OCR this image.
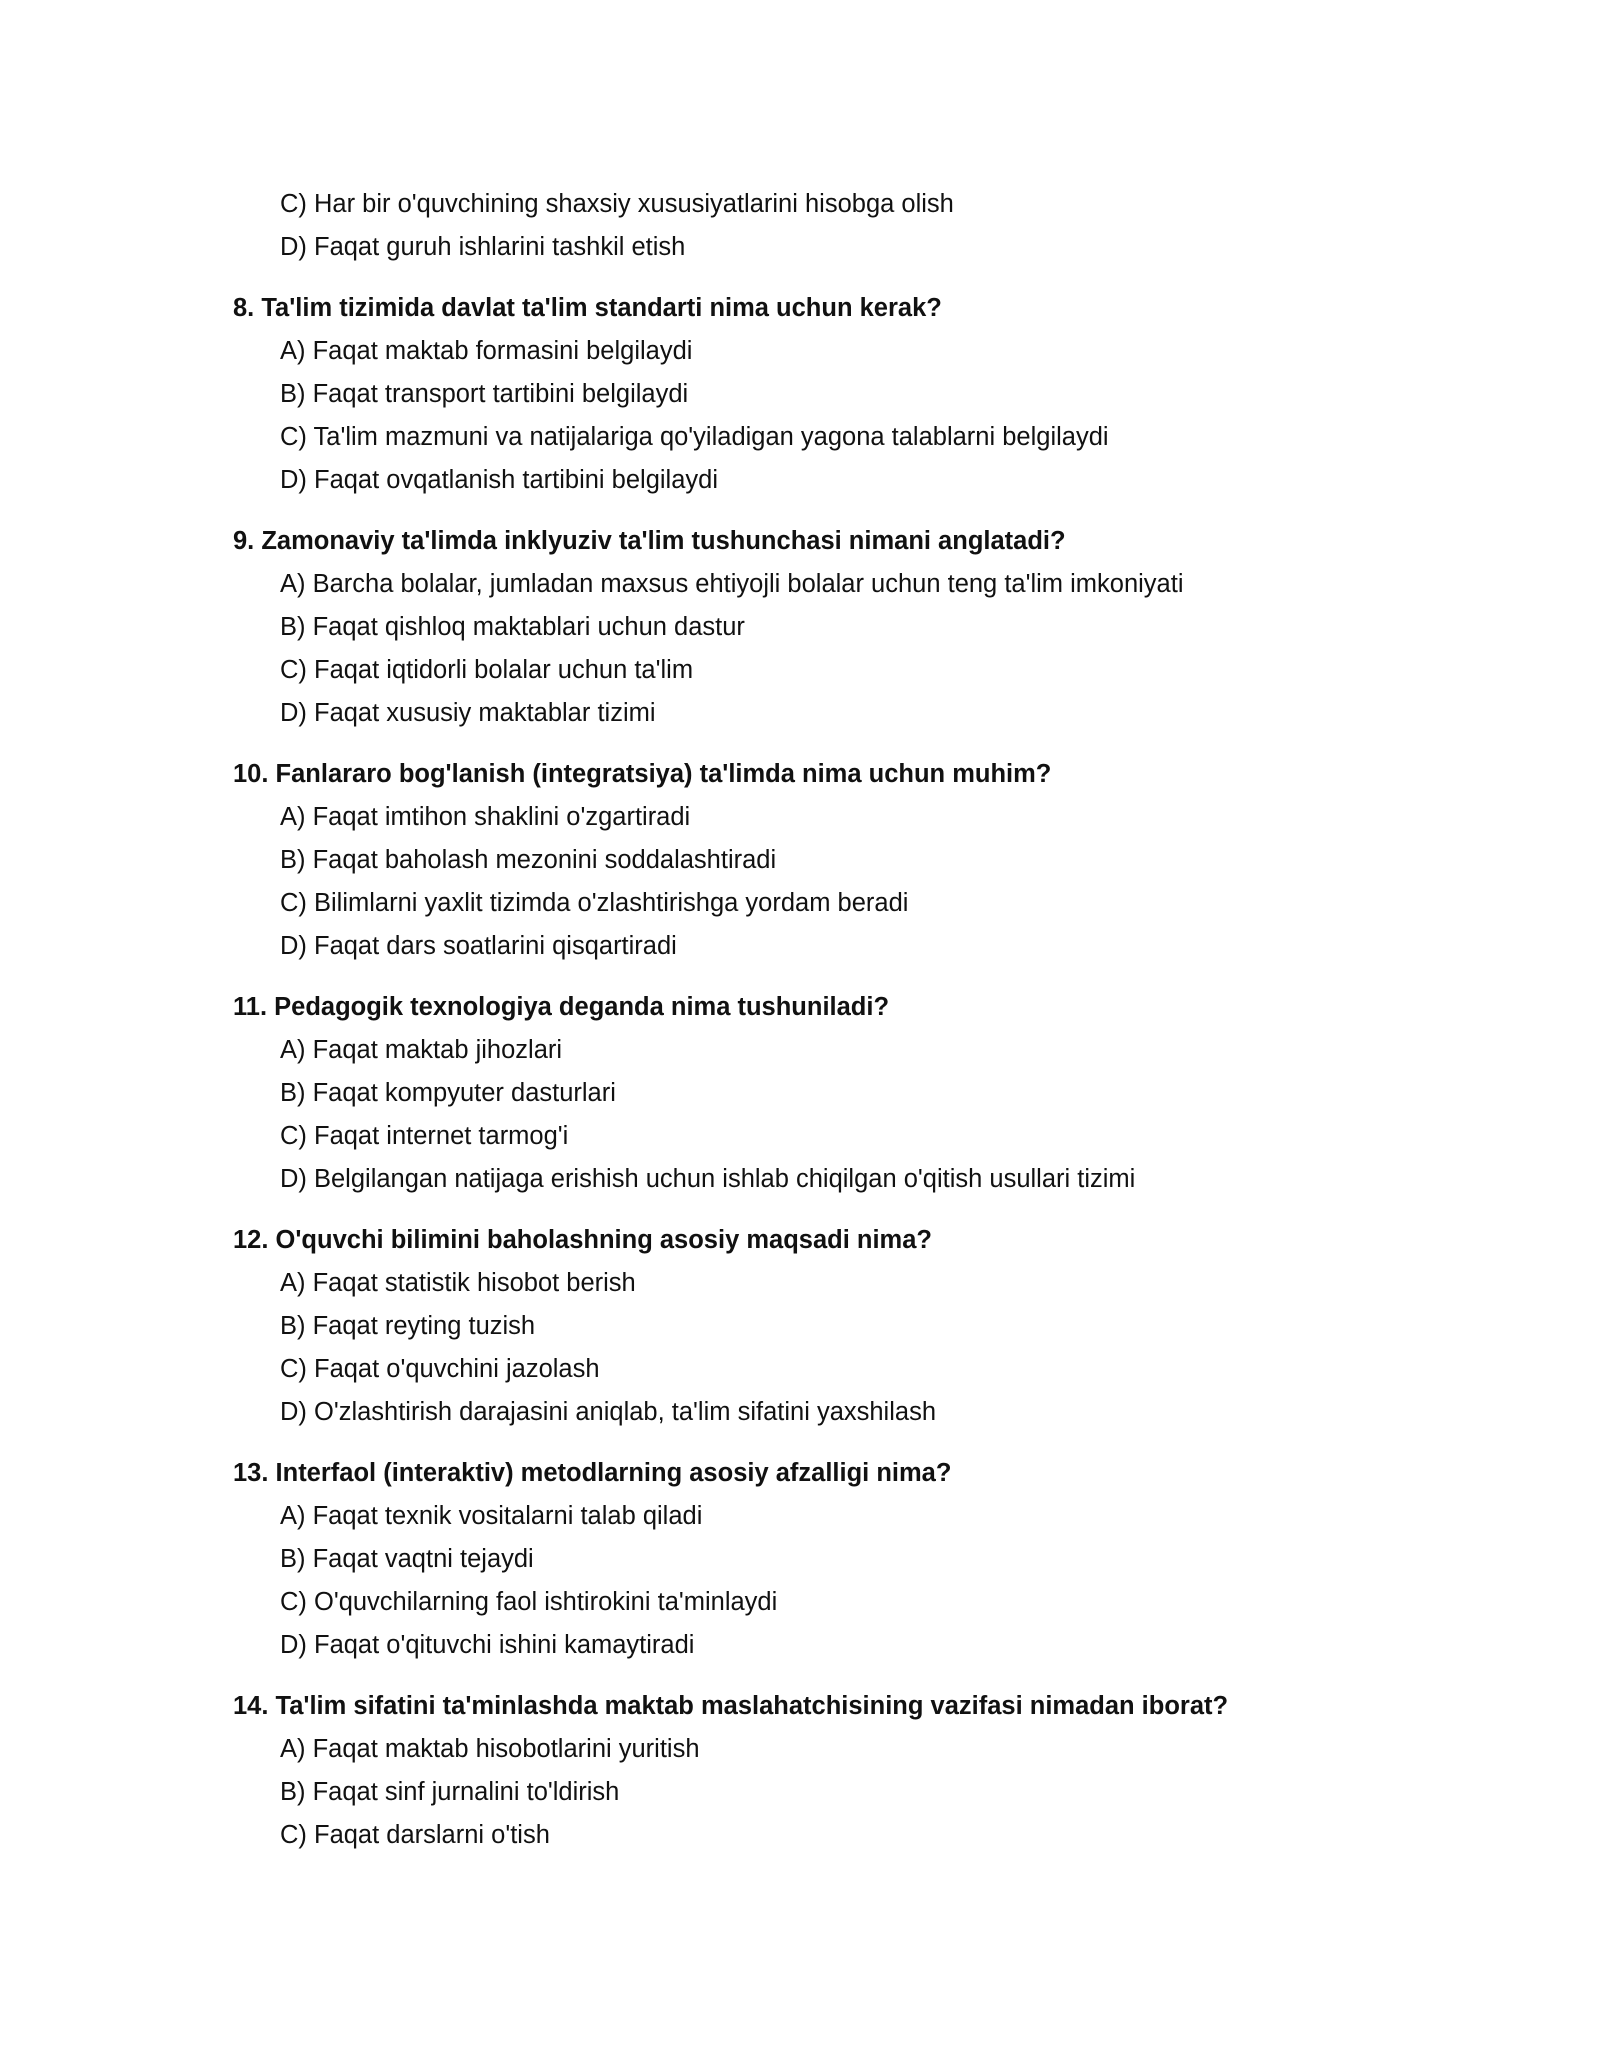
C) Har bir o'quvchining shaxsiy xususiyatlarini hisobga olish
D) Faqat guruh ishlarini tashkil etish
8. Ta'lim tizimida davlat ta'lim standarti nima uchun kerak?
A) Faqat maktab formasini belgilaydi
B) Faqat transport tartibini belgilaydi
C) Ta'lim mazmuni va natijalariga qo'yiladigan yagona talablarni belgilaydi
D) Faqat ovqatlanish tartibini belgilaydi
9. Zamonaviy ta'limda inklyuziv ta'lim tushunchasi nimani anglatadi?
A) Barcha bolalar, jumladan maxsus ehtiyojli bolalar uchun teng ta'lim imkoniyati
B) Faqat qishloq maktablari uchun dastur
C) Faqat iqtidorli bolalar uchun ta'lim
D) Faqat xususiy maktablar tizimi
10. Fanlararo bog'lanish (integratsiya) ta'limda nima uchun muhim?
A) Faqat imtihon shaklini o'zgartiradi
B) Faqat baholash mezonini soddalashtiradi
C) Bilimlarni yaxlit tizimda o'zlashtirishga yordam beradi
D) Faqat dars soatlarini qisqartiradi
11. Pedagogik texnologiya deganda nima tushuniladi?
A) Faqat maktab jihozlari
B) Faqat kompyuter dasturlari
C) Faqat internet tarmog'i
D) Belgilangan natijaga erishish uchun ishlab chiqilgan o'qitish usullari tizimi
12. O'quvchi bilimini baholashning asosiy maqsadi nima?
A) Faqat statistik hisobot berish
B) Faqat reyting tuzish
C) Faqat o'quvchini jazolash
D) O'zlashtirish darajasini aniqlab, ta'lim sifatini yaxshilash
13. Interfaol (interaktiv) metodlarning asosiy afzalligi nima?
A) Faqat texnik vositalarni talab qiladi
B) Faqat vaqtni tejaydi
C) O'quvchilarning faol ishtirokini ta'minlaydi
D) Faqat o'qituvchi ishini kamaytiradi
14. Ta'lim sifatini ta'minlashda maktab maslahatchisining vazifasi nimadan iborat?
A) Faqat maktab hisobotlarini yuritish
B) Faqat sinf jurnalini to'ldirish
C) Faqat darslarni o'tish
